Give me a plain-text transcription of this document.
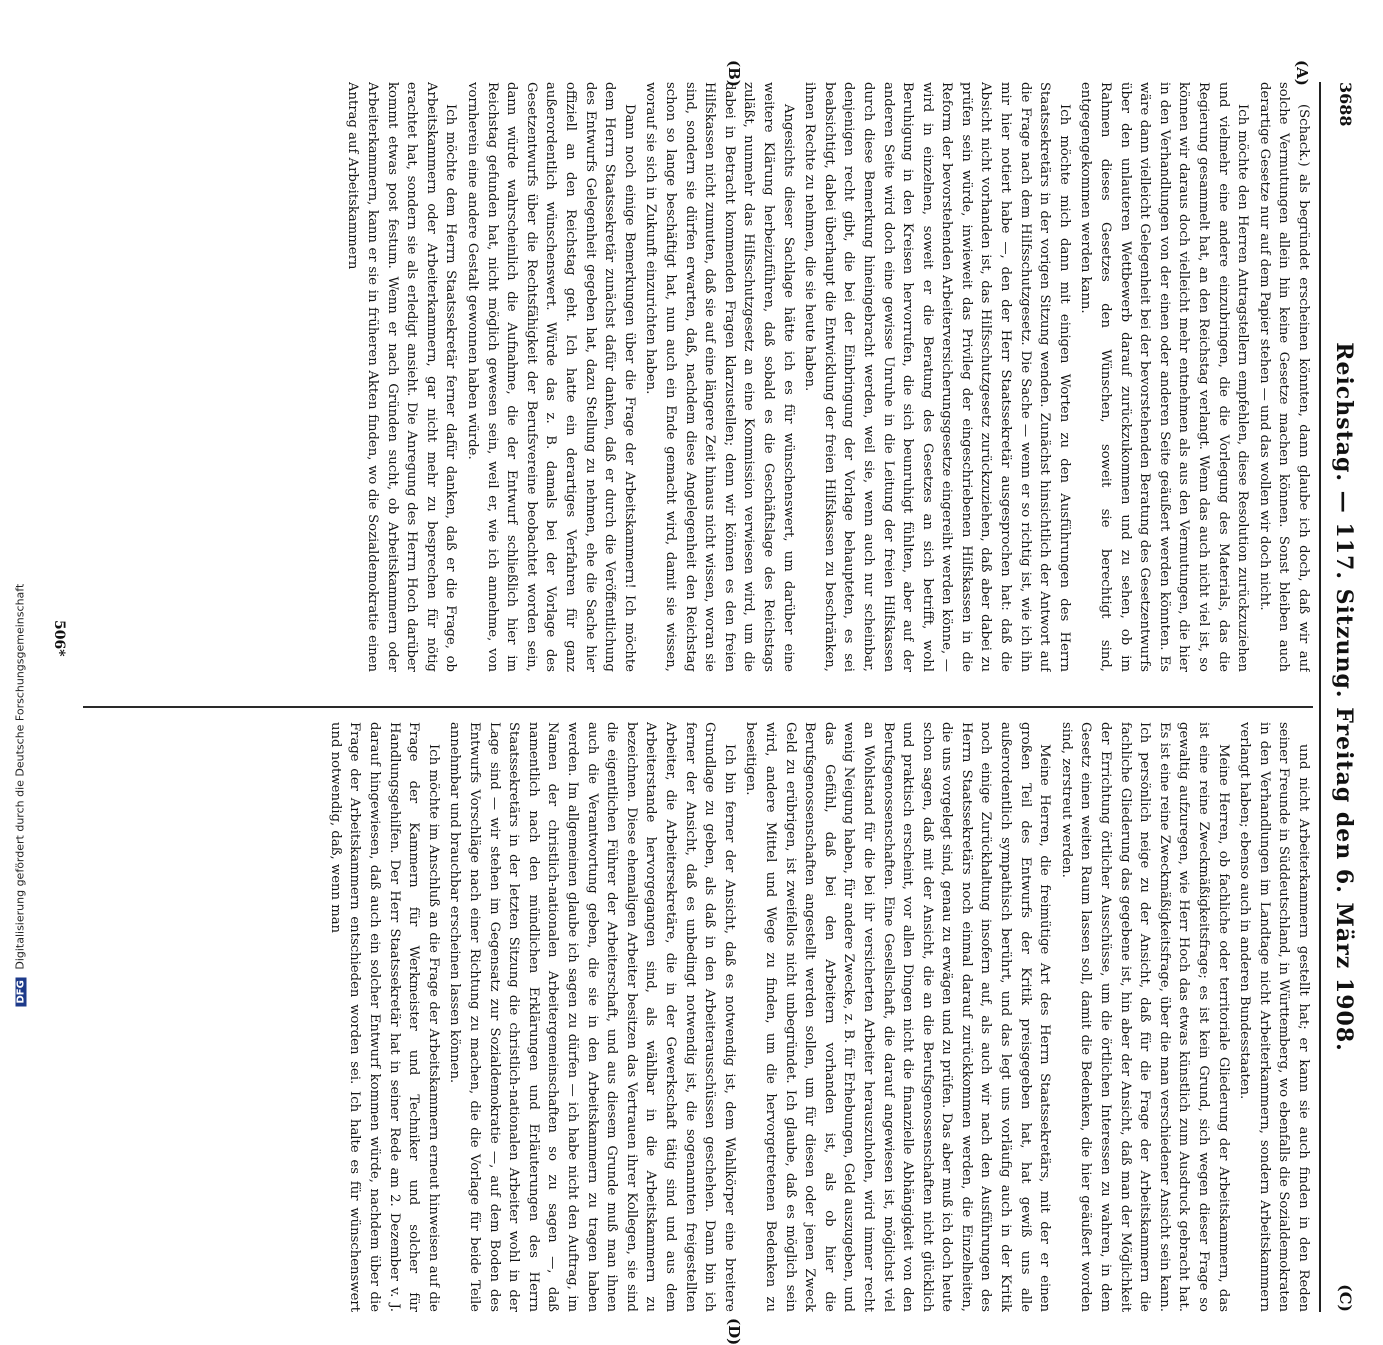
3688
Reichstag. — 117. Sitzung. Freitag den 6. März 1908.
(C)
(A)
(B)
(D)

(Schack.) als begründet erscheinen könnten, dann glaube ich doch, daß wir auf solche Vermutungen allein hin keine Gesetze machen können. Sonst bleiben auch derartige Gesetze nur auf dem Papier stehen — und das wollen wir doch nicht.

Ich möchte den Herren Antragstellern empfehlen, diese Resolution zurückzuziehen und vielmehr eine andere einzubringen, die die Vorlegung des Materials, das die Regierung gesammelt hat, an den Reichstag verlangt. Wenn das auch nicht viel ist, so können wir daraus doch vielleicht mehr entnehmen als aus den Vermutungen, die hier in den Verhandlungen von der einen oder anderen Seite geäußert werden könnten. Es wäre dann vielleicht Gelegenheit bei der bevorstehenden Beratung des Gesetzentwurfs über den unlauteren Wettbewerb darauf zurückzukommen und zu sehen, ob im Rahmen dieses Gesetzes den Wünschen, soweit sie berechtigt sind, entgegengekommen werden kann.

Ich möchte mich dann mit einigen Worten zu den Ausführungen des Herrn Staatssekretärs in der vorigen Sitzung wenden. Zunächst hinsichtlich der Antwort auf die Frage nach dem Hilfsschutzgesetz. Die Sache — wenn er so richtig ist, wie ich ihn mir hier notiert habe —, den der Herr Staatssekretär ausgesprochen hat: daß die Absicht nicht vorhanden ist, das Hilfsschutzgesetz zurückzuziehen, daß aber dabei zu prüfen sein würde, inwieweit das Privileg der eingeschriebenen Hilfskassen in die Reform der bevorstehenden Arbeiterversicherungsgesetze eingereiht werden könne, — wird in einzelnen, soweit er die Beratung des Gesetzes an sich betrifft, wohl Beruhigung in den Kreisen hervorrufen, die sich beunruhigt fühlten, aber auf der anderen Seite wird doch eine gewisse Unruhe in die Leitung der freien Hilfskassen durch diese Bemerkung hineingebracht werden, weil sie, wenn auch nur scheinbar, denjenigen recht gibt, die bei der Einbringung der Vorlage behaupteten, es sei beabsichtigt, dabei überhaupt die Entwicklung der freien Hilfskassen zu beschränken, ihnen Rechte zu nehmen, die sie heute haben.

Angesichts dieser Sachlage hätte ich es für wünschenswert, um darüber eine weitere Klärung herbeizuführen, daß sobald es die Geschäftslage des Reichstags zuläßt, nunmehr das Hilfsschutzgesetz an eine Kommission verwiesen wird, um die dabei in Betracht kommenden Fragen klarzustellen; denn wir können es den freien Hilfskassen nicht zumuten, daß sie auf eine längere Zeit hinaus nicht wissen, woran sie sind, sondern sie dürfen erwarten, daß, nachdem diese Angelegenheit den Reichstag schon so lange beschäftigt hat, nun auch ein Ende gemacht wird, damit sie wissen, worauf sie sich in Zukunft einzurichten haben.

Dann noch einige Bemerkungen über die Frage der Arbeitskammern! Ich möchte dem Herrn Staatssekretär zunächst dafür danken, daß er durch die Veröffentlichung des Entwurfs Gelegenheit gegeben hat, dazu Stellung zu nehmen, ehe die Sache hier offiziell an den Reichstag geht. Ich hatte ein derartiges Verfahren für ganz außerordentlich wünschenswert. Würde das z. B. damals bei der Vorlage des Gesetzentwurfs über die Rechtsfähigkeit der Berufsvereine beobachtet worden sein, dann würde wahrscheinlich die Aufnahme, die der Entwurf schließlich hier im Reichstag gefunden hat, nicht möglich gewesen sein, weil er, wie ich annehme, von vornherein eine andere Gestalt gewonnen haben würde.

Ich möchte dem Herrn Staatssekretär ferner dafür danken, daß er die Frage, ob Arbeitskammern oder Arbeiterkammern, gar nicht mehr zu besprechen für nötig erachtet hat, sondern sie als erledigt ansieht. Die Anregung des Herrn Hoch darüber kommt etwas post festum. Wenn er nach Gründen sucht, ob Arbeitskammern oder Arbeiterkammern, kann er sie in früheren Akten finden, wo die Sozialdemokratie einen Antrag auf Arbeitskammern

und nicht Arbeiterkammern gestellt hat; er kann sie auch finden in den Reden seiner Freunde in Süddeutschland, in Württemberg, wo ebenfalls die Sozialdemokraten in den Verhandlungen im Landtage nicht Arbeiterkammern, sondern Arbeitskammern verlangt haben; ebenso auch in anderen Bundesstaaten.

Meine Herren, ob fachliche oder territoriale Gliederung der Arbeitskammern, das ist eine reine Zweckmäßigkeitsfrage; es ist kein Grund, sich wegen dieser Frage so gewaltig aufzuregen, wie Herr Hoch das etwas künstlich zum Ausdruck gebracht hat. Es ist eine reine Zweckmäßigkeitsfrage, über die man verschiedener Ansicht sein kann. Ich persönlich neige zu der Ansicht, daß für die Frage der Arbeitskammern die fachliche Gliederung das gegebene ist, hin aber der Ansicht, daß man der Möglichkeit der Errichtung örtlicher Ausschüsse, um die örtlichen Interessen zu wahren, in dem Gesetz einen weiten Raum lassen soll, damit die Bedenken, die hier geäußert worden sind, zerstreut werden.

Meine Herren, die freimütige Art des Herrn Staatssekretärs, mit der er einen großen Teil des Entwurfs der Kritik preisgegeben hat, hat gewiß uns alle außerordentlich sympathisch berührt, und das legt uns vorläufig auch in der Kritik noch einige Zurückhaltung insofern auf, als auch wir nach den Ausführungen des Herrn Staatssekretärs noch einmal darauf zurückkommen werden, die Einzelheiten, die uns vorgelegt sind, genau zu erwägen und zu prüfen. Das aber muß ich doch heute schon sagen, daß mit der Ansicht, die an die Berufsgenossenschaften nicht glücklich und praktisch erscheint, vor allen Dingen nicht die finanzielle Abhängigkeit von den Berufsgenossenschaften. Eine Gesellschaft, die darauf angewiesen ist, möglichst viel an Wohlstand für die bei ihr versicherten Arbeiter herauszuholen, wird immer recht wenig Neigung haben, für andere Zwecke, z. B. für Erhebungen, Geld auszugeben, und das Gefühl, daß bei den Arbeitern vorhanden ist, als ob hier die Berufsgenossenschaften angestellt werden sollen, um für diesen oder jenen Zweck Geld zu erübrigen, ist zweifellos nicht unbegründet. Ich glaube, daß es möglich sein wird, andere Mittel und Wege zu finden, um die hervorgetretenen Bedenken zu beseitigen.

Ich bin ferner der Ansicht, daß es notwendig ist, dem Wahlkörper eine breitere Grundlage zu geben, als daß in den Arbeiterausschüssen geschehen. Dann bin ich ferner der Ansicht, daß es unbedingt notwendig ist, die sogenannten freigestellten Arbeiter, die Arbeitersekretäre, die in der Gewerkschaft tätig sind und aus dem Arbeiterstande hervorgegangen sind, als wählbar in die Arbeitskammern zu bezeichnen. Diese ehemaligen Arbeiter besitzen das Vertrauen ihrer Kollegen, sie sind die eigentlichen Führer der Arbeiterschaft, und aus diesem Grunde muß man ihnen auch die Verantwortung geben, die sie in den Arbeitskammern zu tragen haben werden. Im allgemeinen glaube ich sagen zu dürfen — ich habe nicht den Auftrag, im Namen der christlich-nationalen Arbeitergemeinschaften so zu sagen —, daß namentlich nach den mündlichen Erklärungen und Erläuterungen des Herrn Staatssekretärs in der letzten Sitzung die christlich-nationalen Arbeiter wohl in der Lage sind — wir stehen im Gegensatz zur Sozialdemokratie —, auf dem Boden des Entwurfs Vorschläge nach einer Richtung zu machen, die die Vorlage für beide Teile annehmbar und brauchbar erscheinen lassen können.

Ich möchte im Anschluß an die Frage der Arbeitskammern erneut hinweisen auf die Frage der Kammern für Werkmeister und Techniker und solcher für Handlungsgehilfen. Der Herr Staatssekretär hat in seiner Rede am 2. Dezember v. J. darauf hingewiesen, daß auch ein solcher Entwurf kommen würde, nachdem über die Frage der Arbeitskammern entschieden worden sei. Ich halte es für wünschenswert und notwendig, daß, wenn man

506*
DFG Digitalisierung gefördert durch die Deutsche Forschungsgemeinschaft
